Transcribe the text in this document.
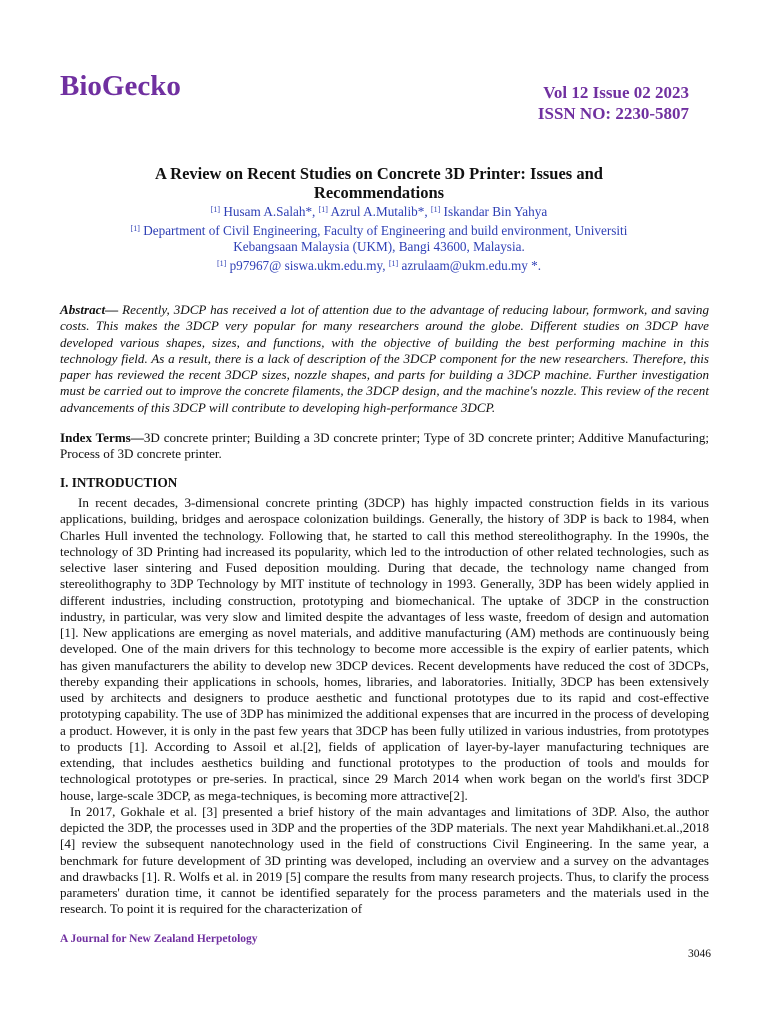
BioGecko	Vol 12 Issue 02 2023
ISSN NO: 2230-5807
A Review on Recent Studies on Concrete 3D Printer: Issues and Recommendations
[1] Husam A.Salah*, [1] Azrul A.Mutalib*, [1] Iskandar Bin Yahya
[1] Department of Civil Engineering, Faculty of Engineering and build environment, Universiti
Kebangsaan Malaysia (UKM), Bangi 43600, Malaysia.
[1] p97967@ siswa.ukm.edu.my, [1] azrulaam@ukm.edu.my *.
Abstract— Recently, 3DCP has received a lot of attention due to the advantage of reducing labour, formwork, and saving costs. This makes the 3DCP very popular for many researchers around the globe. Different studies on 3DCP have developed various shapes, sizes, and functions, with the objective of building the best performing machine in this technology field. As a result, there is a lack of description of the 3DCP component for the new researchers. Therefore, this paper has reviewed the recent 3DCP sizes, nozzle shapes, and parts for building a 3DCP machine. Further investigation must be carried out to improve the concrete filaments, the 3DCP design, and the machine's nozzle. This review of the recent advancements of this 3DCP will contribute to developing high-performance 3DCP.
Index Terms—3D concrete printer; Building a 3D concrete printer; Type of 3D concrete printer; Additive Manufacturing; Process of 3D concrete printer.
I. INTRODUCTION

In recent decades, 3-dimensional concrete printing (3DCP) has highly impacted construction fields in its various applications, building, bridges and aerospace colonization buildings. Generally, the history of 3DP is back to 1984, when Charles Hull invented the technology. Following that, he started to call this method stereolithography. In the 1990s, the technology of 3D Printing had increased its popularity, which led to the introduction of other related technologies, such as selective laser sintering and Fused deposition moulding. During that decade, the technology name changed from stereolithography to 3DP Technology by MIT institute of technology in 1993. Generally, 3DP has been widely applied in different industries, including construction, prototyping and biomechanical. The uptake of 3DCP in the construction industry, in particular, was very slow and limited despite the advantages of less waste, freedom of design and automation [1]. New applications are emerging as novel materials, and additive manufacturing (AM) methods are continuously being developed. One of the main drivers for this technology to become more accessible is the expiry of earlier patents, which has given manufacturers the ability to develop new 3DCP devices. Recent developments have reduced the cost of 3DCPs, thereby expanding their applications in schools, homes, libraries, and laboratories. Initially, 3DCP has been extensively used by architects and designers to produce aesthetic and functional prototypes due to its rapid and cost-effective prototyping capability. The use of 3DP has minimized the additional expenses that are incurred in the process of developing a product. However, it is only in the past few years that 3DCP has been fully utilized in various industries, from prototypes to products [1]. According to Assoil et al.[2], fields of application of layer-by-layer manufacturing techniques are extending, that includes aesthetics building and functional prototypes to the production of tools and moulds for technological prototypes or pre-series. In practical, since 29 March 2014 when work began on the world's first 3DCP house, large-scale 3DCP, as mega-techniques, is becoming more attractive[2].

In 2017, Gokhale et al. [3] presented a brief history of the main advantages and limitations of 3DP. Also, the author depicted the 3DP, the processes used in 3DP and the properties of the 3DP materials. The next year Mahdikhani.et.al.,2018 [4] review the subsequent nanotechnology used in the field of constructions Civil Engineering. In the same year, a benchmark for future development of 3D printing was developed, including an overview and a survey on the advantages and drawbacks [1]. R. Wolfs et al. in 2019 [5] compare the results from many research projects. Thus, to clarify the process parameters' duration time, it cannot be identified separately for the process parameters and the materials used in the research. To point it is required for the characterization of

A Journal for New Zealand Herpetology
3046
